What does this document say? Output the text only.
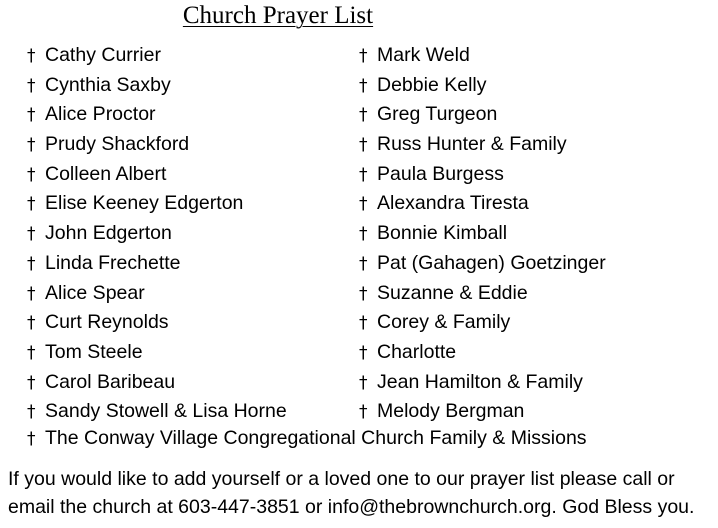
Church Prayer List
† Cathy Currier
† Cynthia Saxby
† Alice Proctor
† Prudy Shackford
† Colleen Albert
† Elise Keeney Edgerton
† John Edgerton
† Linda Frechette
† Alice Spear
† Curt Reynolds
† Tom Steele
† Carol Baribeau
† Sandy Stowell & Lisa Horne
† Mark Weld
† Debbie Kelly
† Greg Turgeon
† Russ Hunter & Family
† Paula Burgess
† Alexandra Tiresta
† Bonnie Kimball
† Pat (Gahagen) Goetzinger
† Suzanne & Eddie
† Corey & Family
† Charlotte
† Jean Hamilton & Family
† Melody Bergman
† The Conway Village Congregational Church Family & Missions

If you would like to add yourself or a loved one to our prayer list please call or

email the church at 603-447-3851 or info@thebrownchurch.org. God Bless you.
